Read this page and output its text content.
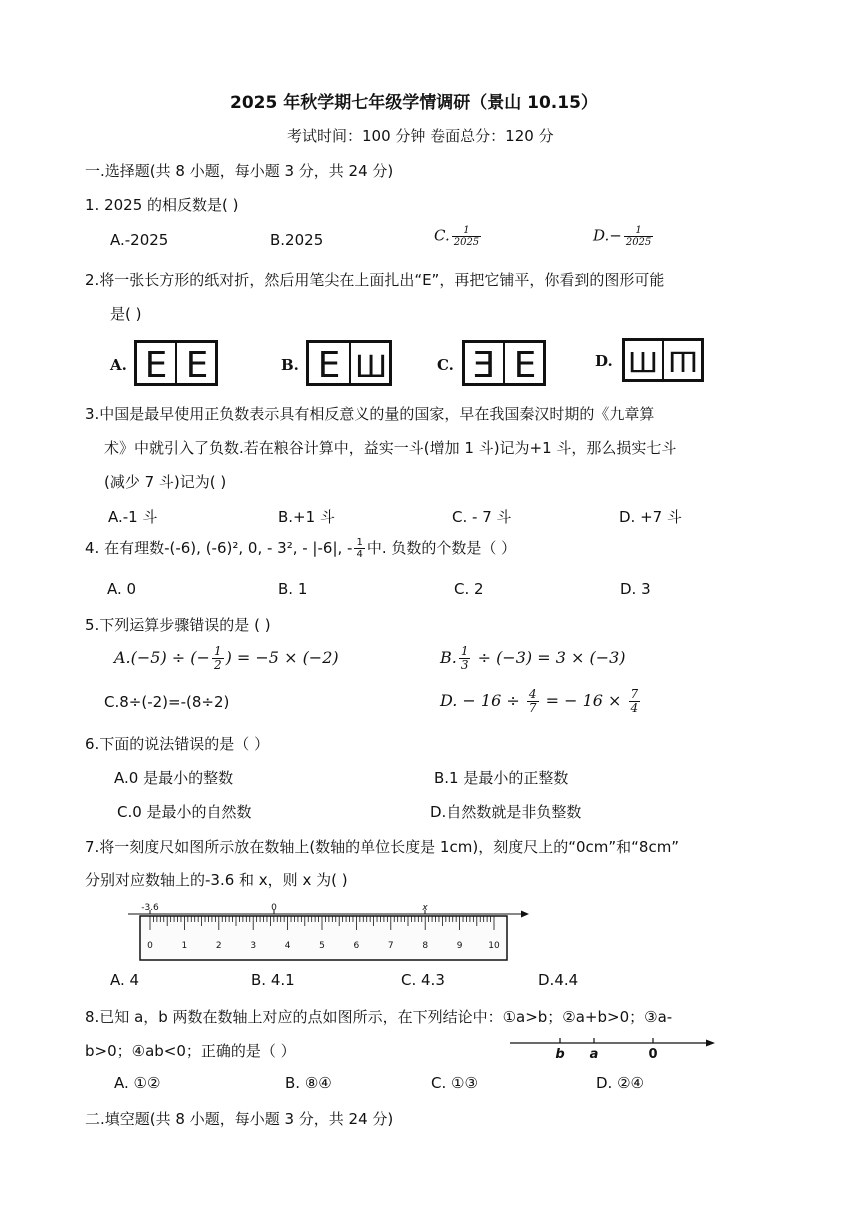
2025 年秋学期七年级学情调研（景山 10.15）
考试时间：100 分钟 卷面总分：120 分
一.选择题(共 8 小题，每小题 3 分，共 24 分)
1. 2025 的相反数是( )
A.-2025	B.2025	C. $\frac{1}{2025}$	$D.- \frac{1}{2025}$
2.将一张长方形的纸对折，然后用笔尖在上面扎出“E”，再把它铺平，你看到的图形可能
是( )
A. E E	B. E Ш	C. Ǝ E	D. Ш Ш
3.中国是最早使用正负数表示具有相反意义的量的国家，早在我国秦汉时期的《九章算
术》中就引入了负数.若在粮谷计算中，益实一斗(增加 1 斗)记为+1 斗，那么损实七斗
(减少 7 斗)记为( )
A.-1 斗	B.+1 斗	C. - 7 斗	D. +7 斗
4. 在有理数-(-6), (-6)², 0, - 3², - |-6|, - $\frac{1}{4}$ 中. 负数的个数是（ ）
A. 0	B. 1	C. 2	D. 3
5.下列运算步骤错误的是 ( )
A.(−5) ÷ (− $\frac{1}{2}$ ) = −5 × (−2)	B. $\frac{1}{3} \div (-3) = 3 \times (-3)$
C.8÷(-2)=-(8÷2)	D. − $16 \div \frac{4}{7}$ = − $16 \times \frac{7}{4}$
6.下面的说法错误的是（ ）
A.0 是最小的整数	B.1 是最小的正整数
C.0 是最小的自然数	D.自然数就是非负整数
7.将一刻度尺如图所示放在数轴上(数轴的单位长度是 1cm)，刻度尺上的“0cm”和“8cm”
分别对应数轴上的-3.6 和 x，则 x 为( )
-3.6	0	x
0	1	2	3	4	5	6	7	8	9	10
A. 4	B. 4.1	C. 4.3	D.4.4
8.已知 a，b 两数在数轴上对应的点如图所示，在下列结论中：①a>b；②a+b>0；③a-
b>0；④ab<0；正确的是（ ）	b a	0
A. ①②	B. ⑧④	C. ①③	D. ②④
二.填空题(共 8 小题，每小题 3 分，共 24 分)
